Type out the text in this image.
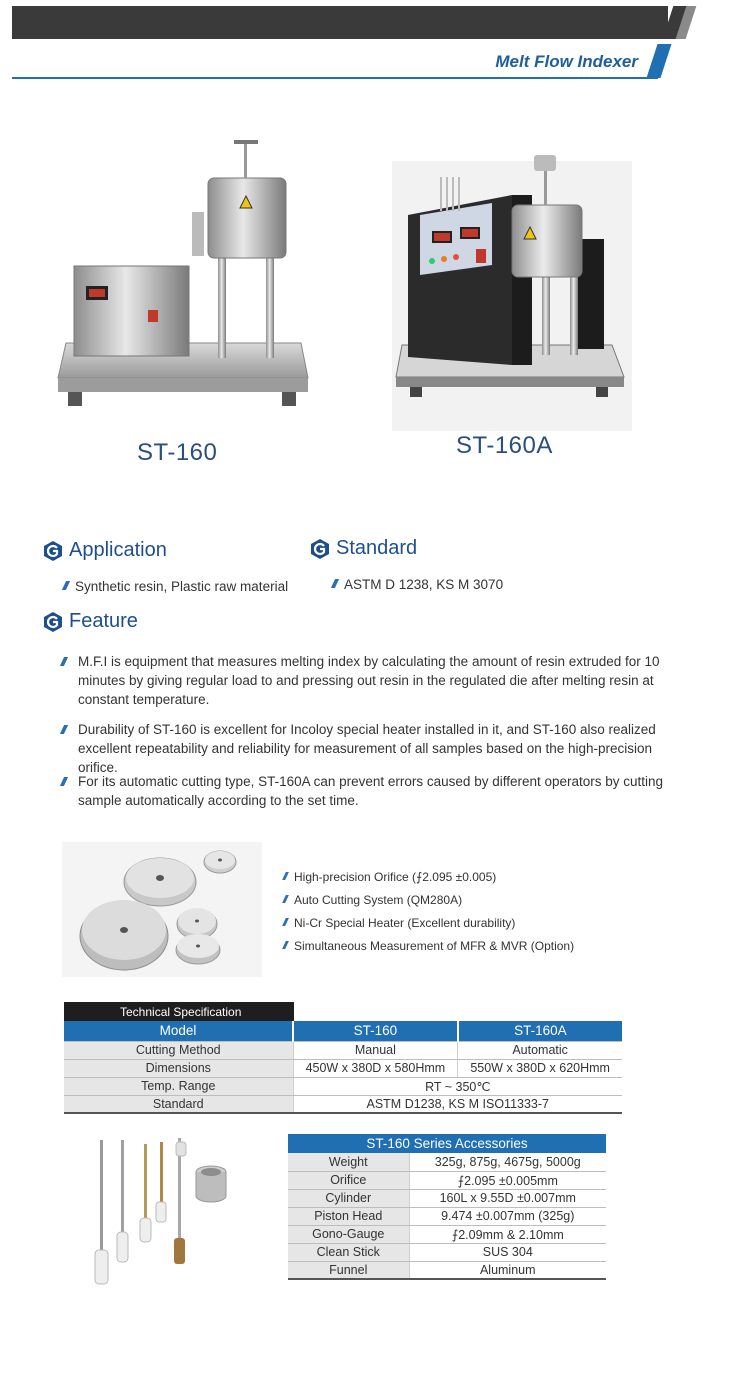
Melt Flow Indexer
ST-160	ST-160A
Application
Synthetic resin, Plastic raw material
Standard
ASTM D 1238, KS M 3070
Feature
M.F.I is equipment that measures melting index by calculating the amount of resin extruded for 10 minutes by giving regular load to and pressing out resin in the regulated die after melting resin at constant temperature.
Durability of ST-160 is excellent for Incoloy special heater installed in it, and ST-160 also realized excellent repeatability and reliability for measurement of all samples based on the high-precision orifice.
For its automatic cutting type, ST-160A can prevent errors caused by different operators by cutting sample automatically according to the set time.
High-precision Orifice (⨍2.095 ±0.005)
Auto Cutting System (QM280A)
Ni-Cr Special Heater (Excellent durability)
Simultaneous Measurement of MFR & MVR (Option)
Technical Specification
Model	ST-160	ST-160A
Cutting Method	Manual	Automatic
Dimensions	450W x 380D x 580Hmm	550W x 380D x 620Hmm
Temp. Range	RT ~ 350℃	
Standard	ASTM D1238, KS M ISO11333-7	
ST-160 Series Accessories	
Weight	325g, 875g, 4675g, 5000g
Orifice	⨍2.095 ±0.005mm
Cylinder	160L x 9.55D ±0.007mm
Piston Head	9.474 ±0.007mm (325g)
Gono-Gauge	⨍2.09mm & 2.10mm
Clean Stick	SUS 304
Funnel	Aluminum
